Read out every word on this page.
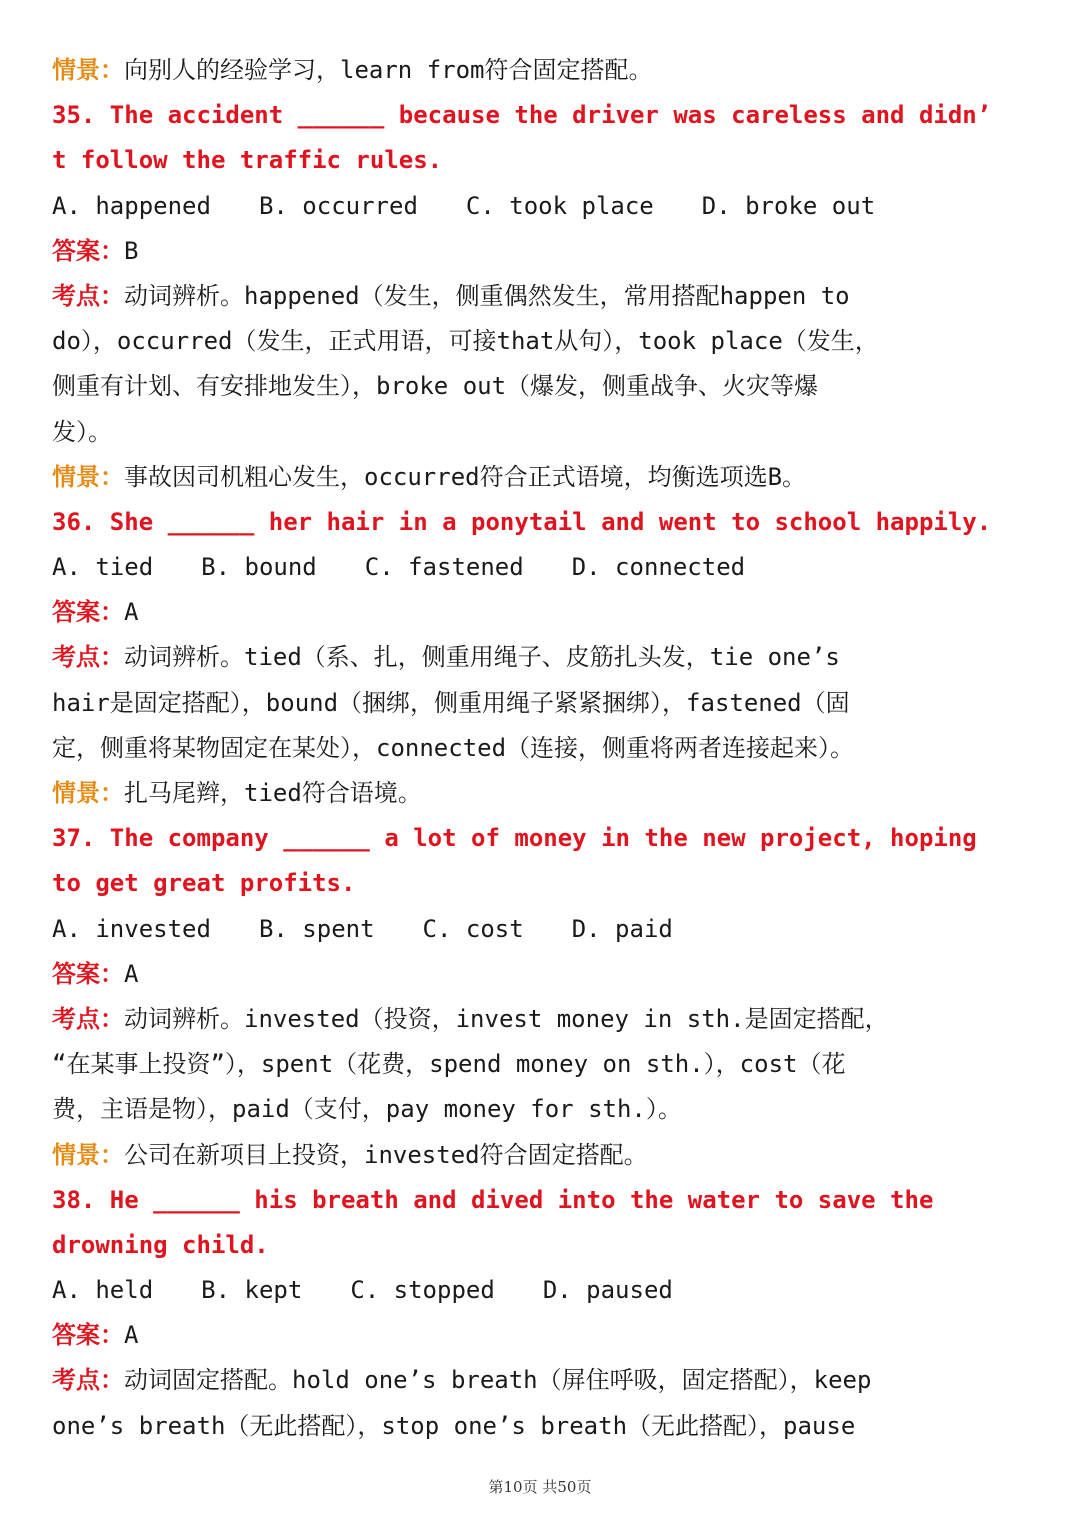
情景：向别人的经验学习，learn from符合固定搭配。
35. The accident ______ because the driver was careless and didn’
t follow the traffic rules.
A. happened B. occurred C. took place D. broke out
答案：B
考点：动词辨析。happened（发生，侧重偶然发生，常用搭配happen to
do），occurred（发生，正式用语，可接that从句），took place（发生，
侧重有计划、有安排地发生），broke out（爆发，侧重战争、火灾等爆
发）。
情景：事故因司机粗心发生，occurred符合正式语境，均衡选项选B。
36. She ______ her hair in a ponytail and went to school happily.
A. tied B. bound C. fastened D. connected
答案：A
考点：动词辨析。tied（系、扎，侧重用绳子、皮筋扎头发，tie one’s
hair是固定搭配），bound（捆绑，侧重用绳子紧紧捆绑），fastened（固
定，侧重将某物固定在某处），connected（连接，侧重将两者连接起来）。
情景：扎马尾辫，tied符合语境。
37. The company ______ a lot of money in the new project, hoping
to get great profits.
A. invested B. spent C. cost D. paid
答案：A
考点：动词辨析。invested（投资，invest money in sth.是固定搭配，
“在某事上投资”），spent（花费，spend money on sth.），cost（花
费，主语是物），paid（支付，pay money for sth.）。
情景：公司在新项目上投资，invested符合固定搭配。
38. He ______ his breath and dived into the water to save the
drowning child.
A. held B. kept C. stopped D. paused
答案：A
考点：动词固定搭配。hold one’s breath（屏住呼吸，固定搭配），keep
one’s breath（无此搭配），stop one’s breath（无此搭配），pause
第10页 共50页
